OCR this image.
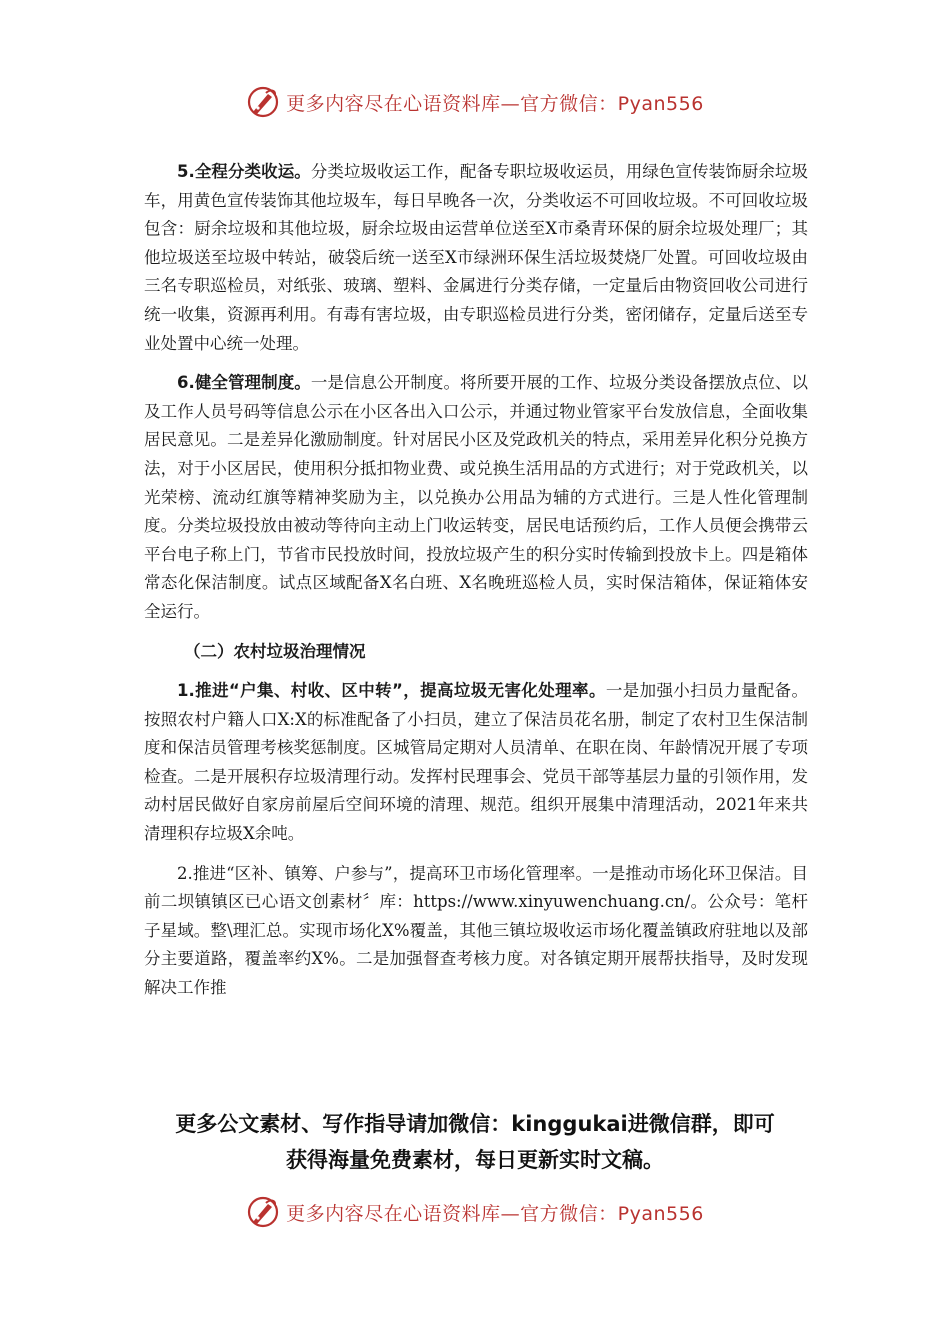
更多内容尽在心语资料库—官方微信：Pyan556

5.全程分类收运。分类垃圾收运工作，配备专职垃圾收运员，用绿色宣传装饰厨余垃圾车，用黄色宣传装饰其他垃圾车，每日早晚各一次，分类收运不可回收垃圾。不可回收垃圾包含：厨余垃圾和其他垃圾，厨余垃圾由运营单位送至X市桑青环保的厨余垃圾处理厂；其他垃圾送至垃圾中转站，破袋后统一送至X市绿洲环保生活垃圾焚烧厂处置。可回收垃圾由三名专职巡检员，对纸张、玻璃、塑料、金属进行分类存储，一定量后由物资回收公司进行统一收集，资源再利用。有毒有害垃圾，由专职巡检员进行分类，密闭储存，定量后送至专业处置中心统一处理。

6.健全管理制度。一是信息公开制度。将所要开展的工作、垃圾分类设备摆放点位、以及工作人员号码等信息公示在小区各出入口公示，并通过物业管家平台发放信息，全面收集居民意见。二是差异化激励制度。针对居民小区及党政机关的特点，采用差异化积分兑换方法，对于小区居民，使用积分抵扣物业费、或兑换生活用品的方式进行；对于党政机关，以光荣榜、流动红旗等精神奖励为主，以兑换办公用品为辅的方式进行。三是人性化管理制度。分类垃圾投放由被动等待向主动上门收运转变，居民电话预约后，工作人员便会携带云平台电子称上门，节省市民投放时间，投放垃圾产生的积分实时传输到投放卡上。四是箱体常态化保洁制度。试点区域配备X名白班、X名晚班巡检人员，实时保洁箱体，保证箱体安全运行。

（二）农村垃圾治理情况

1.推进“户集、村收、区中转”，提高垃圾无害化处理率。一是加强小扫员力量配备。按照农村户籍人口X:X的标准配备了小扫员，建立了保洁员花名册，制定了农村卫生保洁制度和保洁员管理考核奖惩制度。区城管局定期对人员清单、在职在岗、年龄情况开展了专项检查。二是开展积存垃圾清理行动。发挥村民理事会、党员干部等基层力量的引领作用，发动村居民做好自家房前屋后空间环境的清理、规范。组织开展集中清理活动，2021年来共清理积存垃圾X余吨。

2.推进“区补、镇筹、户参与”，提高环卫市场化管理率。一是推动市场化环卫保洁。目前二坝镇镇区已心语文创素材〞库：https://www.xinyuwenchuang.cn/。公众号：笔杆子星域。整\理汇总。实现市场化X%覆盖，其他三镇垃圾收运市场化覆盖镇政府驻地以及部分主要道路，覆盖率约X%。二是加强督查考核力度。对各镇定期开展帮扶指导，及时发现解决工作推

更多公文素材、写作指导请加微信：kinggukai进微信群，即可
获得海量免费素材，每日更新实时文稿。
更多内容尽在心语资料库—官方微信：Pyan556
